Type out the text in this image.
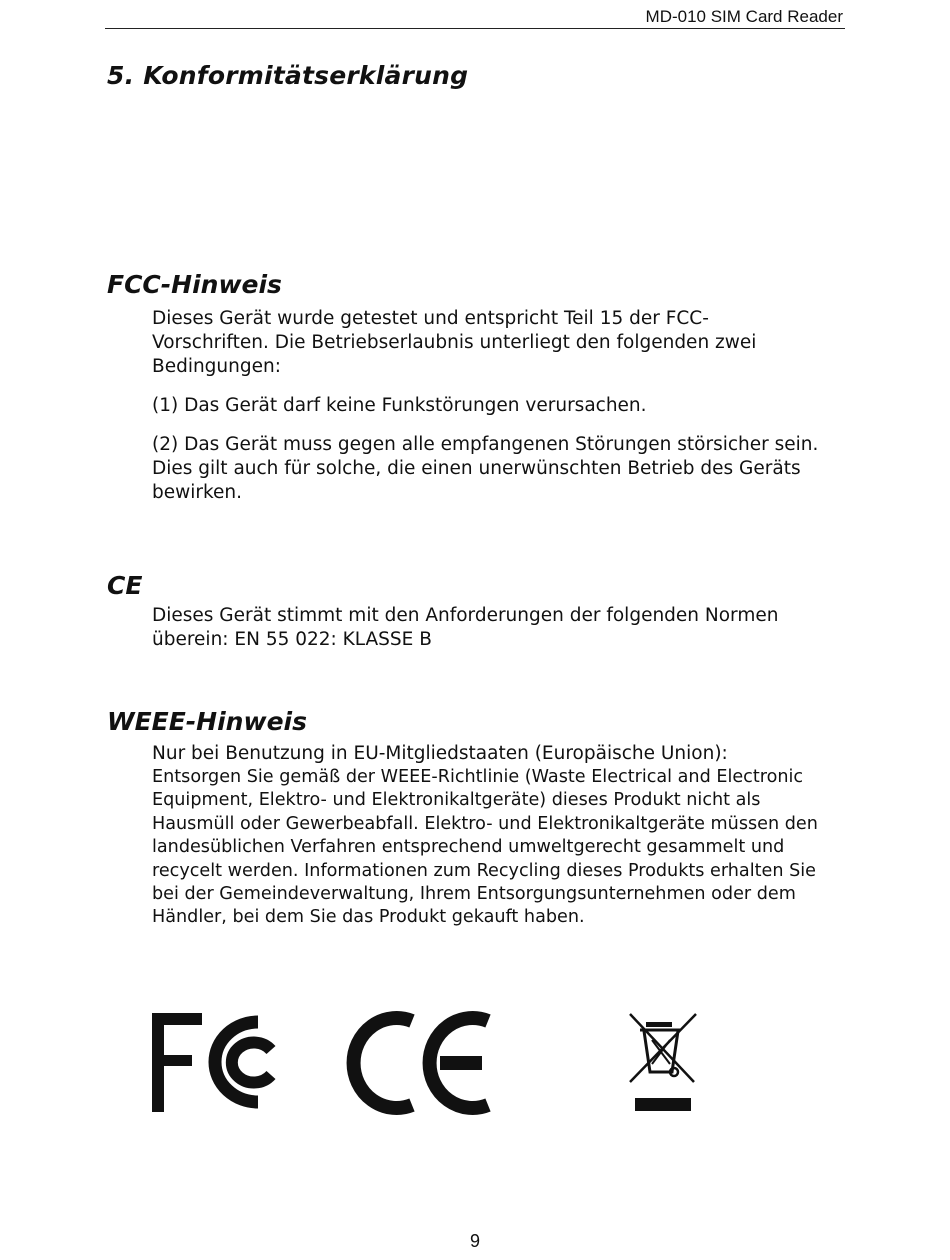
MD-010 SIM Card Reader
5. Konformitätserklärung
FCC-Hinweis

Dieses Gerät wurde getestet und entspricht Teil 15 der FCC-Vorschriften. Die Betriebserlaubnis unterliegt den folgenden zwei Bedingungen:

(1) Das Gerät darf keine Funkstörungen verursachen.

(2) Das Gerät muss gegen alle empfangenen Störungen störsicher sein. Dies gilt auch für solche, die einen unerwünschten Betrieb des Geräts bewirken.

CE

Dieses Gerät stimmt mit den Anforderungen der folgenden Normen überein: EN 55 022: KLASSE B

WEEE-Hinweis

Nur bei Benutzung in EU-Mitgliedstaaten (Europäische Union):

Entsorgen Sie gemäß der WEEE-Richtlinie (Waste Electrical and Electronic Equipment, Elektro- und Elektronikaltgeräte) dieses Produkt nicht als Hausmüll oder Gewerbeabfall. Elektro- und Elektronikaltgeräte müssen den landesüblichen Verfahren entsprechend umweltgerecht gesammelt und recycelt werden. Informationen zum Recycling dieses Produkts erhalten Sie bei der Gemeindeverwaltung, Ihrem Entsorgungsunternehmen oder dem Händler, bei dem Sie das Produkt gekauft haben.

9
